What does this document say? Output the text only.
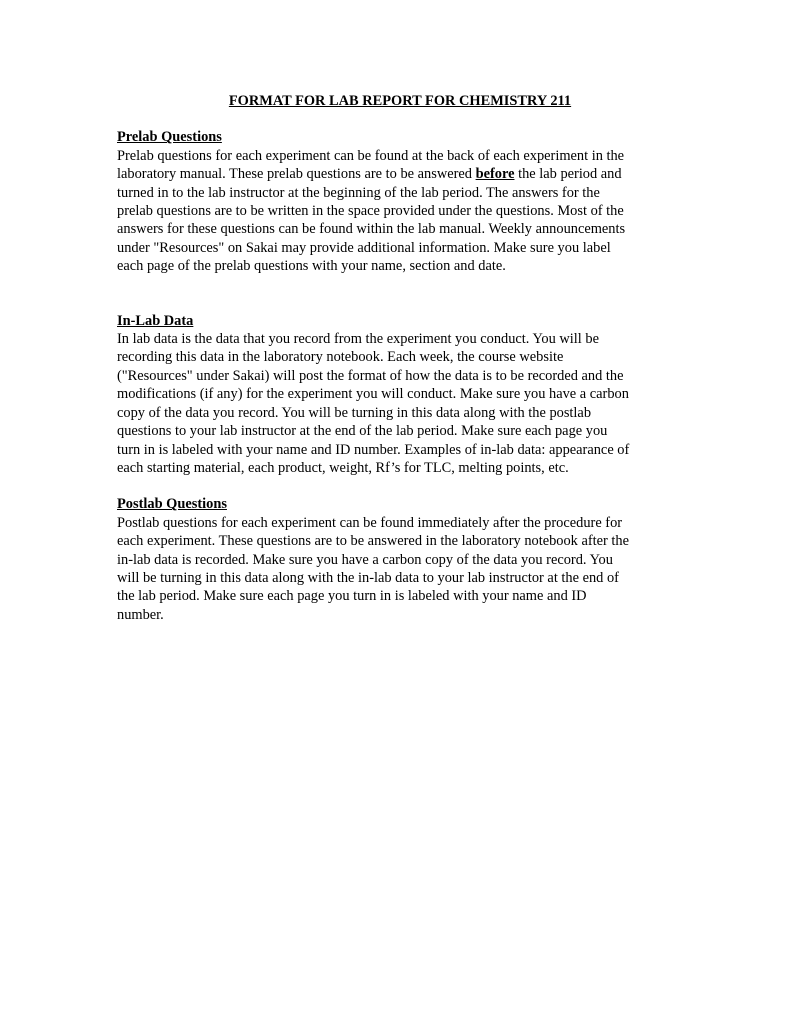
FORMAT FOR LAB REPORT FOR CHEMISTRY 211

Prelab Questions

Prelab questions for each experiment can be found at the back of each experiment in the
laboratory manual. These prelab questions are to be answered before the lab period and
turned in to the lab instructor at the beginning of the lab period. The answers for the
prelab questions are to be written in the space provided under the questions. Most of the
answers for these questions can be found within the lab manual. Weekly announcements
under "Resources" on Sakai may provide additional information. Make sure you label
each page of the prelab questions with your name, section and date.

In-Lab Data

In lab data is the data that you record from the experiment you conduct. You will be
recording this data in the laboratory notebook. Each week, the course website
("Resources" under Sakai) will post the format of how the data is to be recorded and the
modifications (if any) for the experiment you will conduct. Make sure you have a carbon
copy of the data you record. You will be turning in this data along with the postlab
questions to your lab instructor at the end of the lab period. Make sure each page you
turn in is labeled with your name and ID number. Examples of in-lab data: appearance of
each starting material, each product, weight, Rf’s for TLC, melting points, etc.

Postlab Questions

Postlab questions for each experiment can be found immediately after the procedure for
each experiment. These questions are to be answered in the laboratory notebook after the
in-lab data is recorded. Make sure you have a carbon copy of the data you record. You
will be turning in this data along with the in-lab data to your lab instructor at the end of
the lab period. Make sure each page you turn in is labeled with your name and ID
number.
